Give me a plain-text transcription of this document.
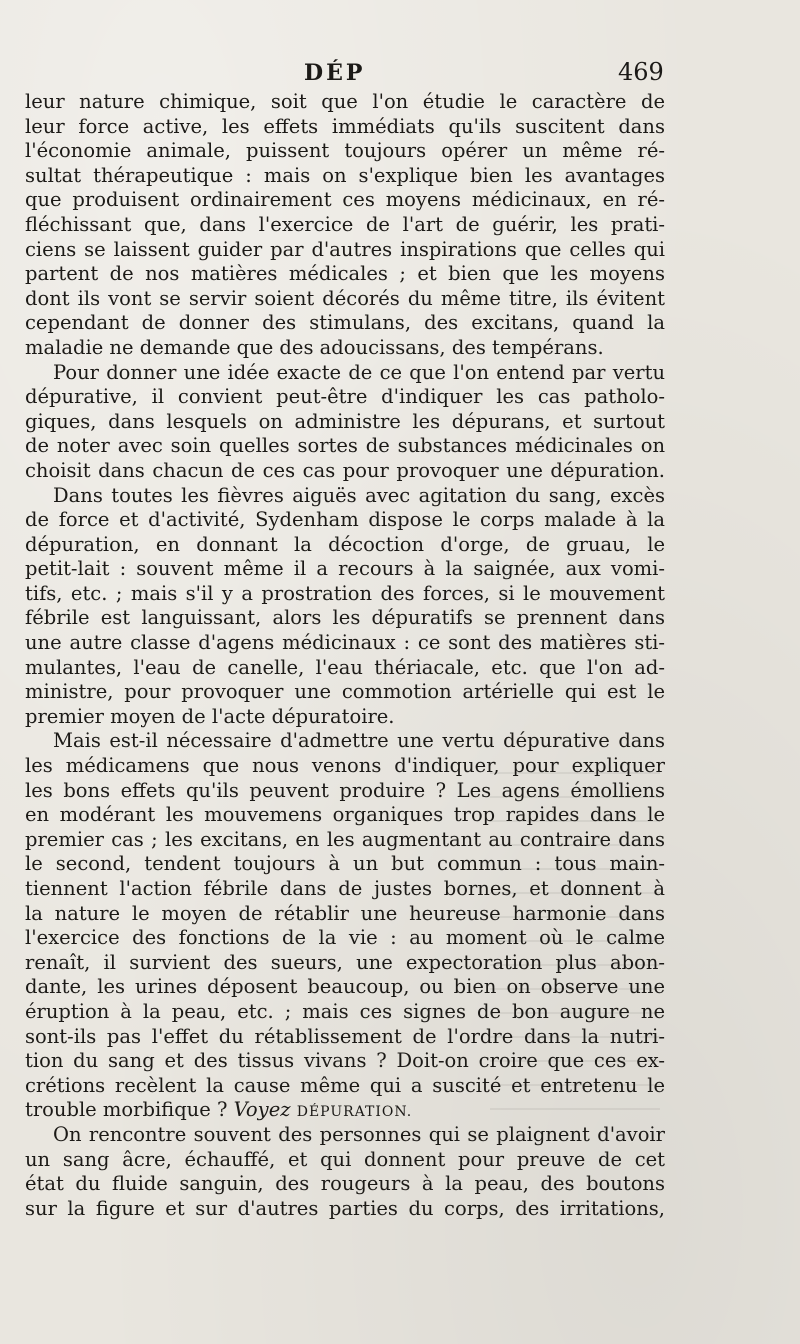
DÉP	469
leur nature chimique, soit que l'on étudie le caractère de
leur force active, les effets immédiats qu'ils suscitent dans
l'économie animale, puissent toujours opérer un même ré-
sultat thérapeutique : mais on s'explique bien les avantages
que produisent ordinairement ces moyens médicinaux, en ré-
fléchissant que, dans l'exercice de l'art de guérir, les prati-
ciens se laissent guider par d'autres inspirations que celles qui
partent de nos matières médicales ; et bien que les moyens
dont ils vont se servir soient décorés du même titre, ils évitent
cependant de donner des stimulans, des excitans, quand la
maladie ne demande que des adoucissans, des tempérans.
Pour donner une idée exacte de ce que l'on entend par vertu
dépurative, il convient peut-être d'indiquer les cas patholo-
giques, dans lesquels on administre les dépurans, et surtout
de noter avec soin quelles sortes de substances médicinales on
choisit dans chacun de ces cas pour provoquer une dépuration.
Dans toutes les fièvres aiguës avec agitation du sang, excès
de force et d'activité, Sydenham dispose le corps malade à la
dépuration, en donnant la décoction d'orge, de gruau, le
petit-lait : souvent même il a recours à la saignée, aux vomi-
tifs, etc. ; mais s'il y a prostration des forces, si le mouvement
fébrile est languissant, alors les dépuratifs se prennent dans
une autre classe d'agens médicinaux : ce sont des matières sti-
mulantes, l'eau de canelle, l'eau thériacale, etc. que l'on ad-
ministre, pour provoquer une commotion artérielle qui est le
premier moyen de l'acte dépuratoire.
Mais est-il nécessaire d'admettre une vertu dépurative dans
les médicamens que nous venons d'indiquer, pour expliquer
les bons effets qu'ils peuvent produire ? Les agens émolliens
en modérant les mouvemens organiques trop rapides dans le
premier cas ; les excitans, en les augmentant au contraire dans
le second, tendent toujours à un but commun : tous main-
tiennent l'action fébrile dans de justes bornes, et donnent à
la nature le moyen de rétablir une heureuse harmonie dans
l'exercice des fonctions de la vie : au moment où le calme
renaît, il survient des sueurs, une expectoration plus abon-
dante, les urines déposent beaucoup, ou bien on observe une
éruption à la peau, etc. ; mais ces signes de bon augure ne
sont-ils pas l'effet du rétablissement de l'ordre dans la nutri-
tion du sang et des tissus vivans ? Doit-on croire que ces ex-
crétions recèlent la cause même qui a suscité et entretenu le
trouble morbifique ? Voyez DÉPURATION.
On rencontre souvent des personnes qui se plaignent d'avoir
un sang âcre, échauffé, et qui donnent pour preuve de cet
état du fluide sanguin, des rougeurs à la peau, des boutons
sur la figure et sur d'autres parties du corps, des irritations,
